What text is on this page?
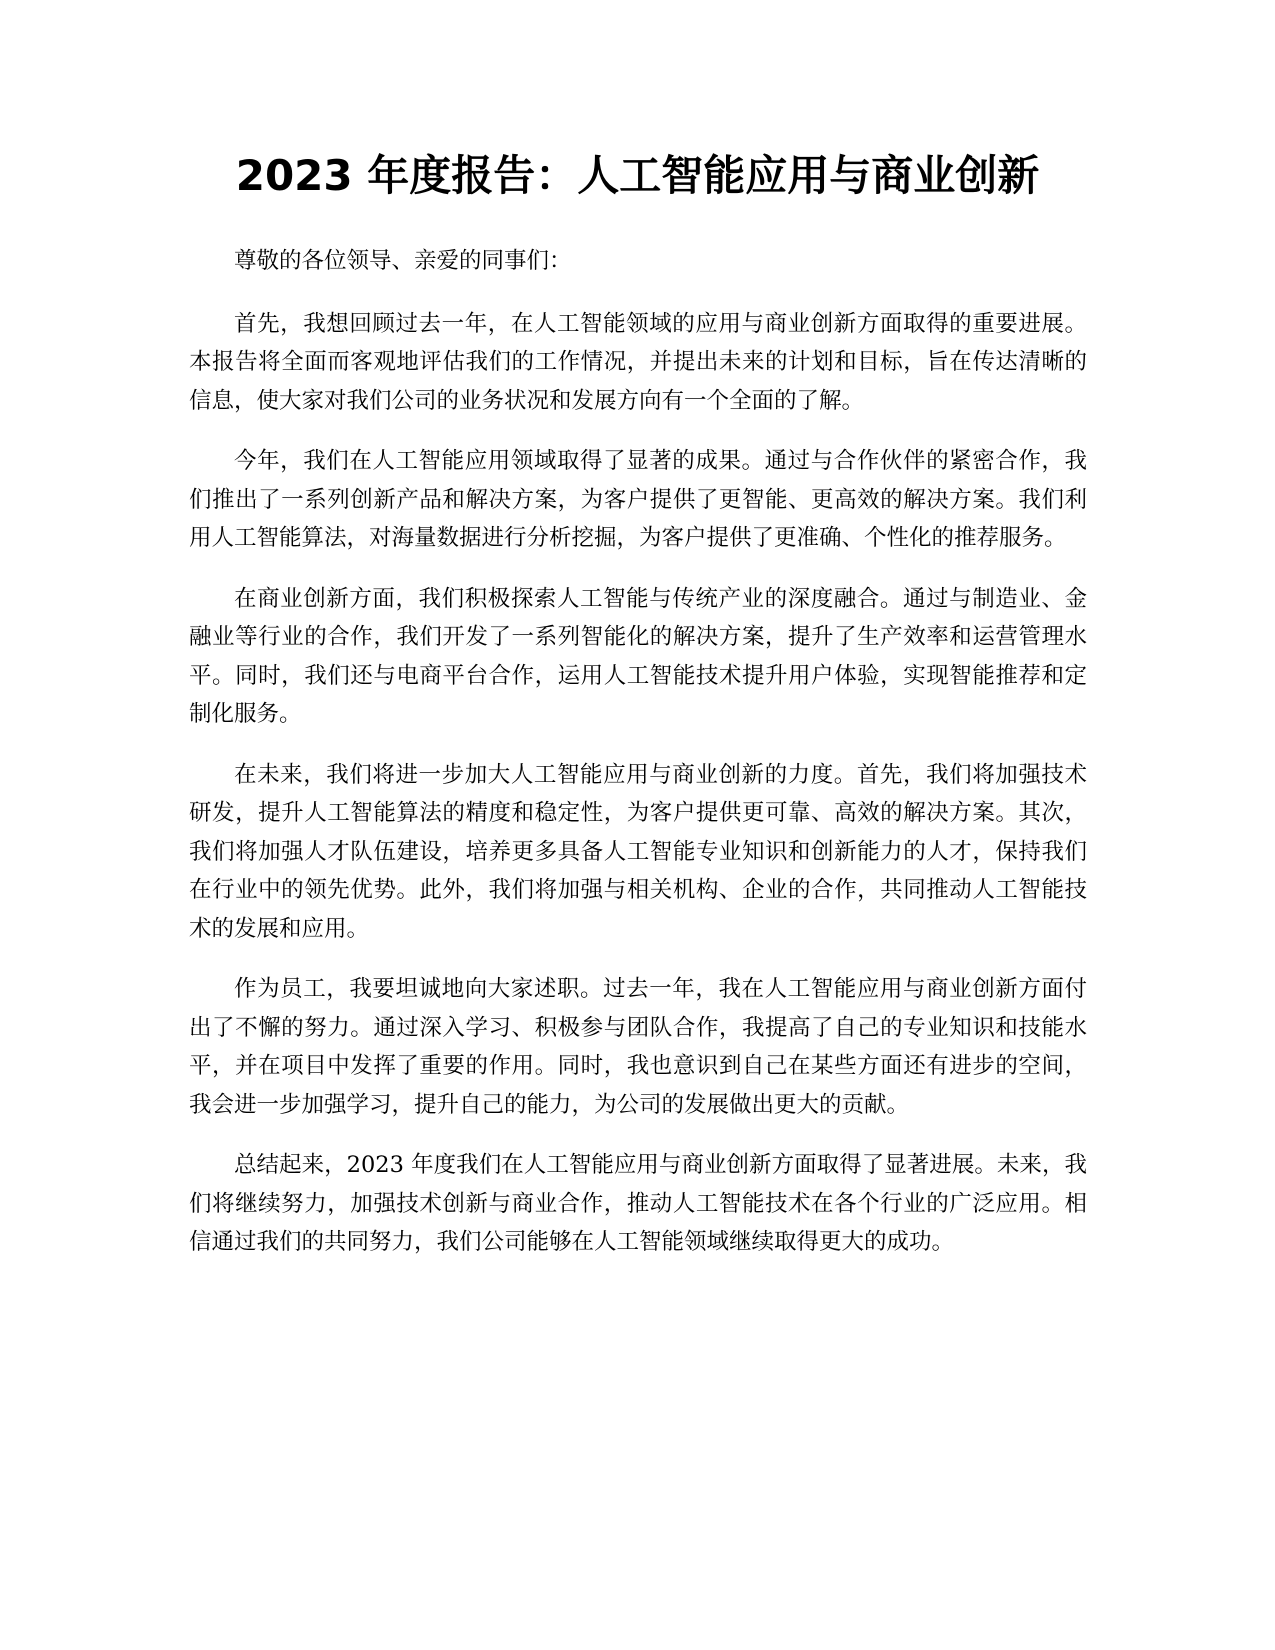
2023 年度报告：人工智能应用与商业创新

尊敬的各位领导、亲爱的同事们：

首先，我想回顾过去一年，在人工智能领域的应用与商业创新方面取得的重要进展。本报告将全面而客观地评估我们的工作情况，并提出未来的计划和目标，旨在传达清晰的信息，使大家对我们公司的业务状况和发展方向有一个全面的了解。

今年，我们在人工智能应用领域取得了显著的成果。通过与合作伙伴的紧密合作，我们推出了一系列创新产品和解决方案，为客户提供了更智能、更高效的解决方案。我们利用人工智能算法，对海量数据进行分析挖掘，为客户提供了更准确、个性化的推荐服务。

在商业创新方面，我们积极探索人工智能与传统产业的深度融合。通过与制造业、金融业等行业的合作，我们开发了一系列智能化的解决方案，提升了生产效率和运营管理水平。同时，我们还与电商平台合作，运用人工智能技术提升用户体验，实现智能推荐和定制化服务。

在未来，我们将进一步加大人工智能应用与商业创新的力度。首先，我们将加强技术研发，提升人工智能算法的精度和稳定性，为客户提供更可靠、高效的解决方案。其次，我们将加强人才队伍建设，培养更多具备人工智能专业知识和创新能力的人才，保持我们在行业中的领先优势。此外，我们将加强与相关机构、企业的合作，共同推动人工智能技术的发展和应用。

作为员工，我要坦诚地向大家述职。过去一年，我在人工智能应用与商业创新方面付出了不懈的努力。通过深入学习、积极参与团队合作，我提高了自己的专业知识和技能水平，并在项目中发挥了重要的作用。同时，我也意识到自己在某些方面还有进步的空间，我会进一步加强学习，提升自己的能力，为公司的发展做出更大的贡献。

总结起来，2023 年度我们在人工智能应用与商业创新方面取得了显著进展。未来，我们将继续努力，加强技术创新与商业合作，推动人工智能技术在各个行业的广泛应用。相信通过我们的共同努力，我们公司能够在人工智能领域继续取得更大的成功。
